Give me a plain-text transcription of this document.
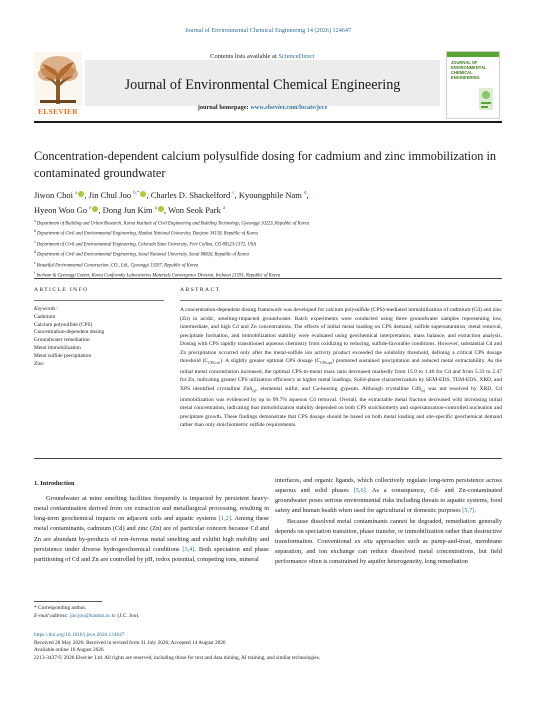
Journal of Environmental Chemical Engineering 14 (2026) 124647
Contents lists available at ScienceDirect
Journal of Environmental Chemical Engineering
journal homepage: www.elsevier.com/locate/jece
ELSEVIER
JOURNAL OF ENVIRONMENTAL CHEMICAL ENGINEERING
Concentration-dependent calcium polysulfide dosing for cadmium and zinc immobilization in contaminated groundwater
Jiwon Choi $^a$ , Jin Chul Joo $^{b,*}$ , Charles D. Shackelford $^c$, Kyoungphile Nam $^d$,
Hyeon Woo Go $^e$ , Dong Jun Kim $^a$ , Won Seok Park $^a$
$^a$ Department of Building and Urban Research, Korea Institute of Civil Engineering and Building Technology, Gyeonggi 10223, Republic of Korea
$^b$ Department of Civil and Environmental Engineering, Hanbat National University, Daejeon 34158, Republic of Korea
$^c$ Department of Civil and Environmental Engineering, Colorado State University, Fort Collins, CO 80523-1372, USA
$^d$ Department of Civil and Environmental Engineering, Seoul National University, Seoul 08826, Republic of Korea
$^e$ Beautiful Environmental Construction, CO., Ltd., Gyeonggi 13207, Republic of Korea
$^f$ Incheon & Gyeonggi Center, Korea Conformity Laboratories Materials Convergence Division, Incheon 21591, Republic of Korea
ARTICLE INFO	ABSTRACT
Keywords:
Cadmium
Calcium polysulfide (CPS)
Concentration-dependent dosing
Groundwater remediation
Metal immobilization
Metal sulfide precipitation
Zinc
A concentration-dependent dosing framework was developed for calcium polysulfide (CPS)-mediated immobilization of cadmium (Cd) and zinc (Zn) in acidic, smelting-impacted groundwater. Batch experiments were conducted using three groundwater samples representing low, intermediate, and high Cd and Zn concentrations. The effects of initial metal loading on CPS demand, sulfide supersaturation, metal removal, precipitate formation, and immobilization stability were evaluated using geochemical interpretation, mass balance, and extraction analysis. Dosing with CPS rapidly transitioned aqueous chemistry from oxidizing to reducing, sulfide-favorable conditions. However, substantial Cd and Zn precipitation occurred only after the metal-sulfide ion activity product exceeded the solubility threshold, defining a critical CPS dosage threshold $(C_{CPS,crit})$. A slightly greater optimal CPS dosage $(C_{CPS,opt})$ promoted sustained precipitation and reduced metal extractability. As the initial metal concentration increased, the optimal CPS-to-metal mass ratio decreased markedly from 15.9 to 1.46 for Cd and from 5.33 to 2.47 for Zn, indicating greater CPS utilization efficiency at higher metal loadings. Solid-phase characterization by SEM-EDS, TEM-EDS, XRD, and XPS identified crystalline ZnS$_{(s)}$, elemental sulfur, and Ca-bearing gypsum. Although crystalline CdS$_{(s)}$ was not resolved by XRD, Cd immobilization was evidenced by up to 99.7% aqueous Cd removal. Overall, the extractable metal fraction decreased with increasing initial metal concentration, indicating that immobilization stability depended on both CPS stoichiometry and supersaturation-controlled nucleation and precipitate growth. These findings demonstrate that CPS dosage should be based on both metal loading and site-specific geochemical demand rather than only stoichiometric sulfide requirements.
1. Introduction
Groundwater at mine smelting facilities frequently is impacted by persistent heavy-metal contamination derived from ore extraction and metallurgical processing, resulting in long-term geochemical impacts on adjacent soils and aquatic systems [1,2]. Among these metal contaminants, cadmium (Cd) and zinc (Zn) are of particular concern because Cd and Zn are abundant by-products of non-ferrous metal smelting and exhibit high mobility and persistence under diverse hydrogeochemical conditions [3,4]. Both speciation and phase partitioning of Cd and Zn are controlled by pH, redox potential, competing ions, mineral
interfaces, and organic ligands, which collectively regulate long-term persistence across aqueous and solid phases [5,6]. As a consequence, Cd- and Zn-contaminated groundwater poses serious environmental risks including threats to aquatic systems, food safety and human health when used for agricultural or domestic purposes [5,7].
Because dissolved metal contaminants cannot be degraded, remediation generally depends on speciation transition, phase transfer, or immobilization rather than destructive transformation. Conventional ex situ approaches such as pump-and-treat, membrane separation, and ion exchange can reduce dissolved metal concentrations, but field performance often is constrained by aquifer heterogeneity, long remediation
* Corresponding author.
E-mail address: jincjoo@hanbat.ac.kr (J.C. Joo).
https://doi.org/10.1016/j.jece.2026.124647
Received 28 May 2026; Received in revised form 31 July 2026; Accepted 14 August 2026
Available online 16 August 2026
2213-3437/© 2026 Elsevier Ltd. All rights are reserved, including those for text and data mining, AI training, and similar technologies.
